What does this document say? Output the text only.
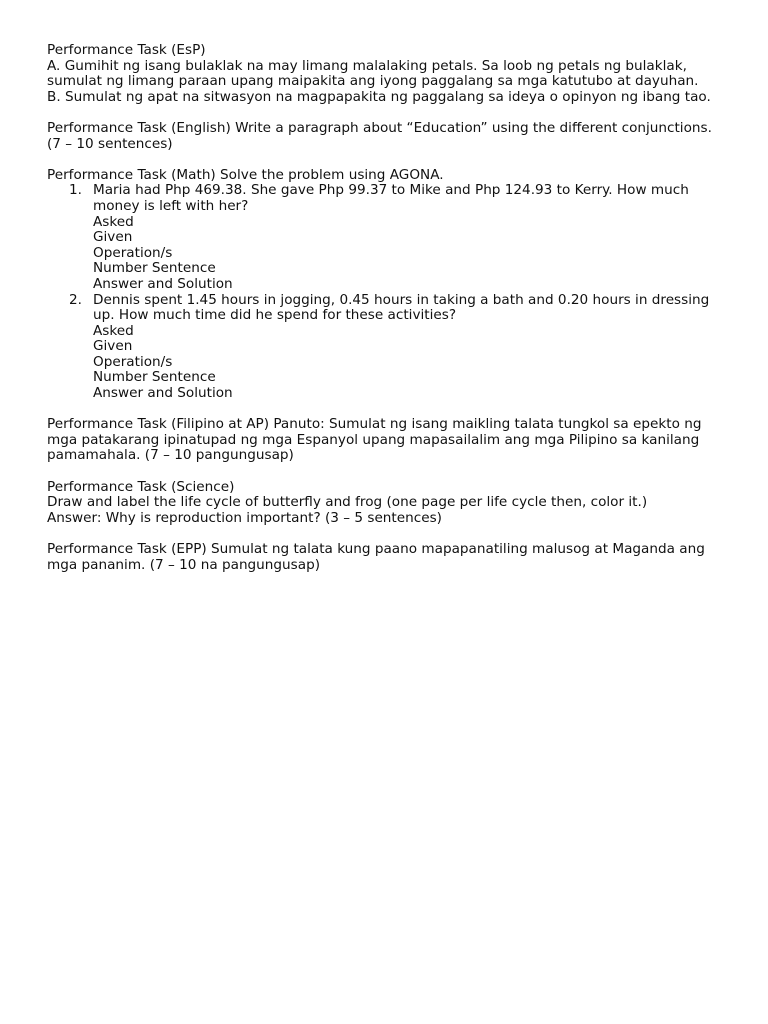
Performance Task (EsP)
A. Gumihit ng isang bulaklak na may limang malalaking petals. Sa loob ng petals ng bulaklak, sumulat ng limang paraan upang maipakita ang iyong paggalang sa mga katutubo at dayuhan.
B. Sumulat ng apat na sitwasyon na magpapakita ng paggalang sa ideya o opinyon ng ibang tao.
Performance Task (English) Write a paragraph about “Education” using the different conjunctions. (7 – 10 sentences)
Performance Task (Math) Solve the problem using AGONA.
1. Maria had Php 469.38. She gave Php 99.37 to Mike and Php 124.93 to Kerry. How much money is left with her?
Asked
Given
Operation/s
Number Sentence
Answer and Solution
2. Dennis spent 1.45 hours in jogging, 0.45 hours in taking a bath and 0.20 hours in dressing up. How much time did he spend for these activities?
Asked
Given
Operation/s
Number Sentence
Answer and Solution
Performance Task (Filipino at AP) Panuto: Sumulat ng isang maikling talata tungkol sa epekto ng mga patakarang ipinatupad ng mga Espanyol upang mapasailalim ang mga Pilipino sa kanilang pamamahala. (7 – 10 pangungusap)
Performance Task (Science)
Draw and label the life cycle of butterfly and frog (one page per life cycle then, color it.)
Answer: Why is reproduction important? (3 – 5 sentences)
Performance Task (EPP) Sumulat ng talata kung paano mapapanatiling malusog at Maganda ang mga pananim. (7 – 10 na pangungusap)
